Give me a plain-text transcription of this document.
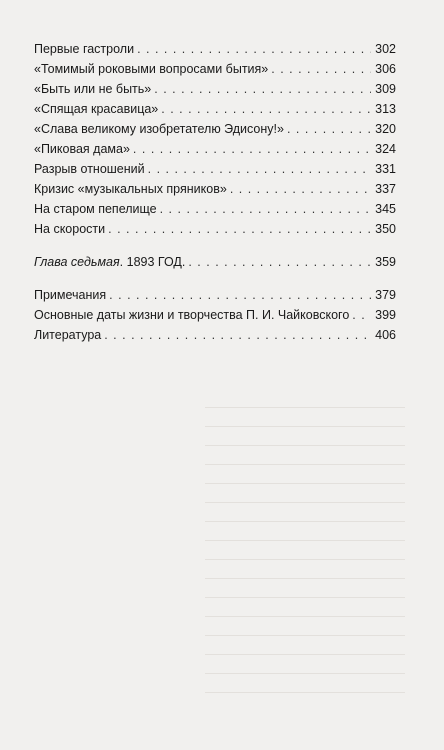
Первые гастроли . . .	302
«Томимый роковыми вопросами бытия» . . .	306
«Быть или не быть» . . .	309
«Спящая красавица» . . .	313
«Слава великому изобретателю Эдисону!» . . .	320
«Пиковая дама» . . .	324
Разрыв отношений . . .	331
Кризис «музыкальных пряников» . . .	337
На старом пепелище . . .	345
На скорости . . .	350
Глава седьмая. 1893 ГОД. . . .	359
Примечания . . .	379
Основные даты жизни и творчества П. И. Чайковского . . . 399
Литература . . .	406
